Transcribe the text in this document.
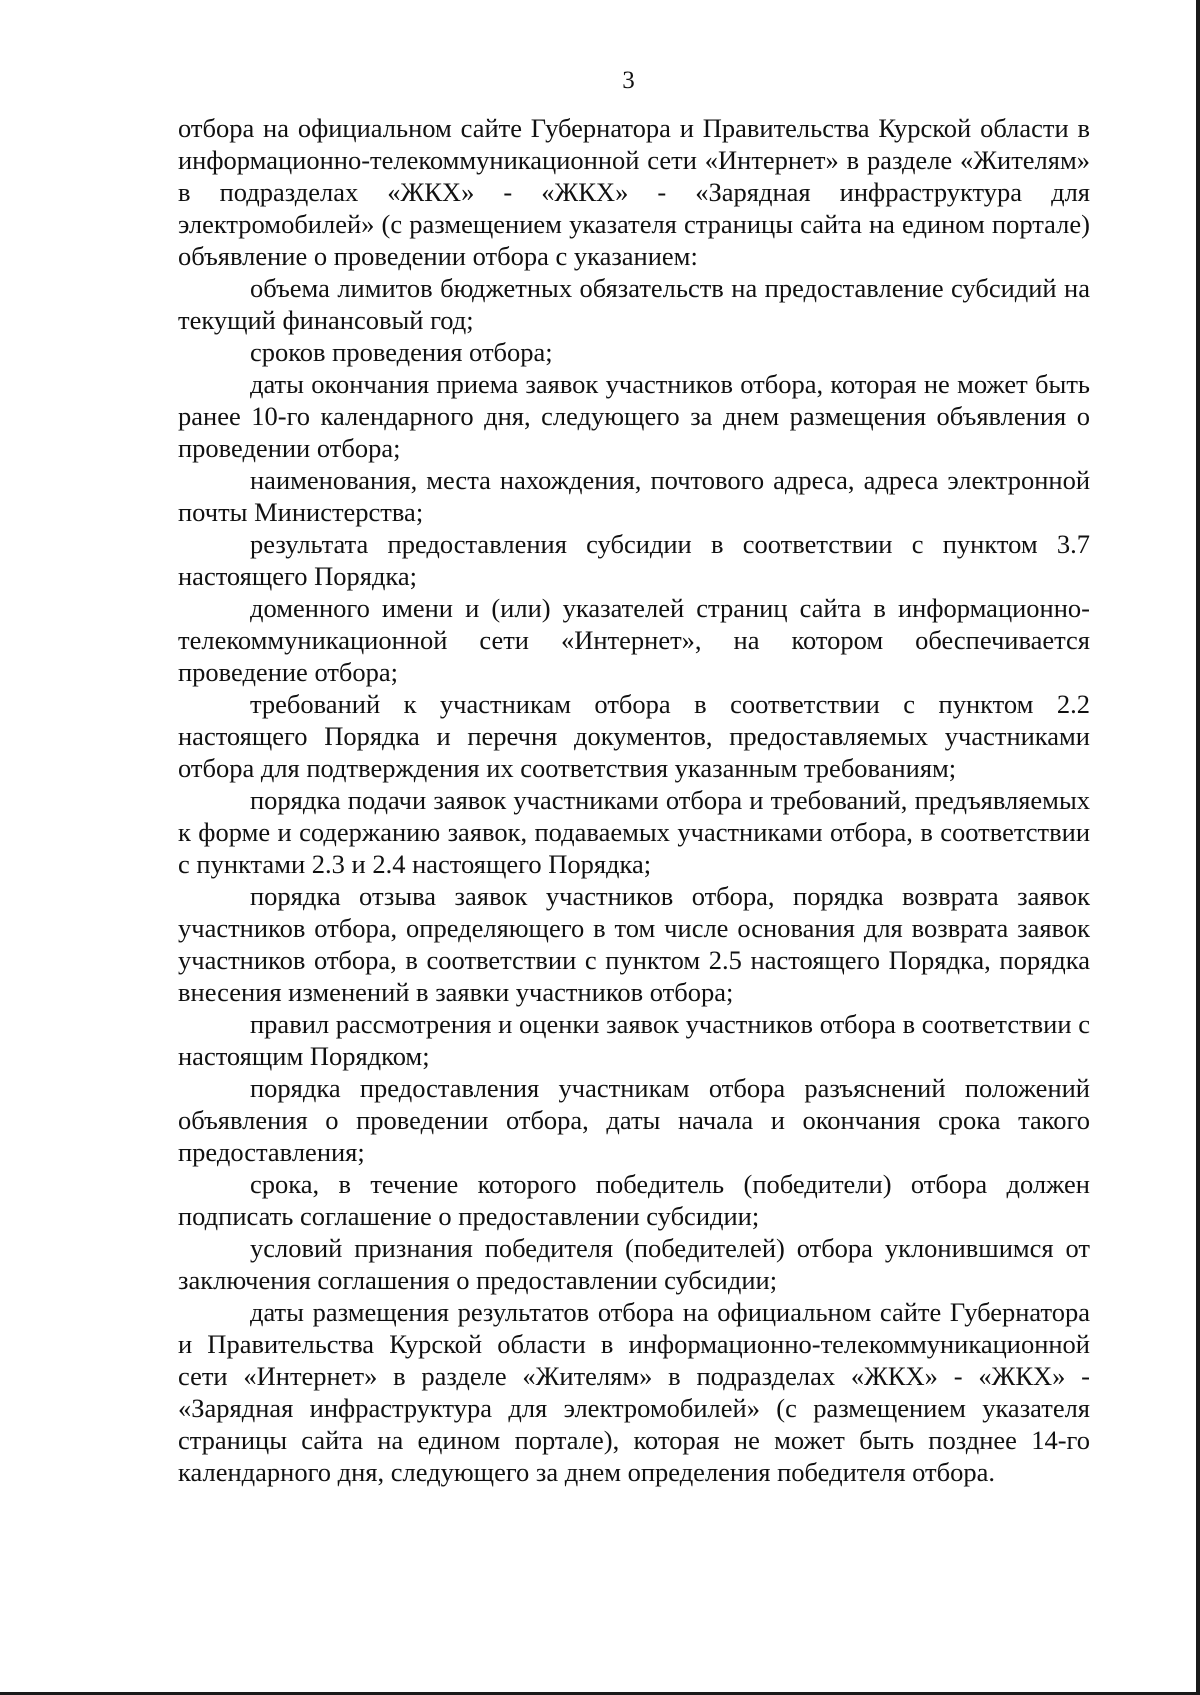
3

отбора на официальном сайте Губернатора и Правительства Курской области в информационно-телекоммуникационной сети «Интернет» в разделе «Жителям» в подразделах «ЖКХ» - «ЖКХ» - «Зарядная инфраструктура для электромобилей» (с размещением указателя страницы сайта на едином портале) объявление о проведении отбора с указанием:

объема лимитов бюджетных обязательств на предоставление субсидий на текущий финансовый год;

сроков проведения отбора;

даты окончания приема заявок участников отбора, которая не может быть ранее 10-го календарного дня, следующего за днем размещения объявления о проведении отбора;

наименования, места нахождения, почтового адреса, адреса электронной почты Министерства;

результата предоставления субсидии в соответствии с пунктом 3.7 настоящего Порядка;

доменного имени и (или) указателей страниц сайта в информационно-телекоммуникационной сети «Интернет», на котором обеспечивается проведение отбора;

требований к участникам отбора в соответствии с пунктом 2.2 настоящего Порядка и перечня документов, предоставляемых участниками отбора для подтверждения их соответствия указанным требованиям;

порядка подачи заявок участниками отбора и требований, предъявляемых к форме и содержанию заявок, подаваемых участниками отбора, в соответствии с пунктами 2.3 и 2.4 настоящего Порядка;

порядка отзыва заявок участников отбора, порядка возврата заявок участников отбора, определяющего в том числе основания для возврата заявок участников отбора, в соответствии с пунктом 2.5 настоящего Порядка, порядка внесения изменений в заявки участников отбора;

правил рассмотрения и оценки заявок участников отбора в соответствии с настоящим Порядком;

порядка предоставления участникам отбора разъяснений положений объявления о проведении отбора, даты начала и окончания срока такого предоставления;

срока, в течение которого победитель (победители) отбора должен подписать соглашение о предоставлении субсидии;

условий признания победителя (победителей) отбора уклонившимся от заключения соглашения о предоставлении субсидии;

даты размещения результатов отбора на официальном сайте Губернатора и Правительства Курской области в информационно-телекоммуникационной сети «Интернет» в разделе «Жителям» в подразделах «ЖКХ» - «ЖКХ» - «Зарядная инфраструктура для электромобилей» (с размещением указателя страницы сайта на едином портале), которая не может быть позднее 14-го календарного дня, следующего за днем определения победителя отбора.
